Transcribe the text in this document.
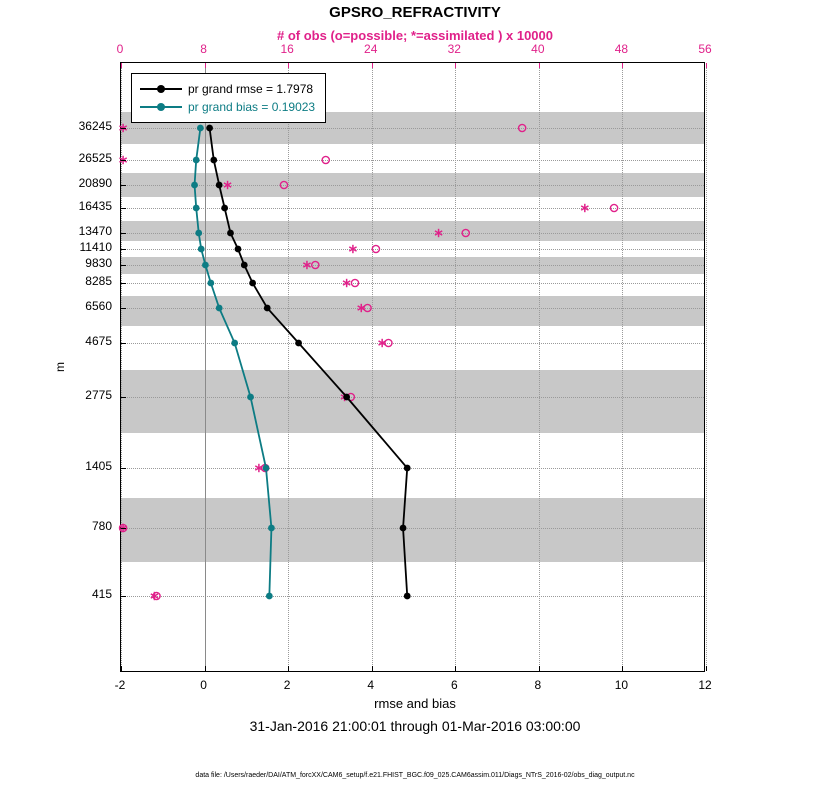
GPSRO_REFRACTIVITY
# of obs (o=possible; *=assimilated ) x 10000
m
rmse and bias
31-Jan-2016 21:00:01 through 01-Mar-2016 03:00:00
data file: /Users/raeder/DAI/ATM_forcXX/CAM6_setup/f.e21.FHIST_BGC.f09_025.CAM6assim.011/Diags_NTrS_2016-02/obs_diag_output.nc
pr grand rmse = 1.7978
pr grand bias = 0.19023
-2	0	2	4	6	8	10	12
0	8	16	24	32	40	48	56
415
780
1405
2775
4675
6560
8285
9830
11410
13470
16435
20890
26525
36245
